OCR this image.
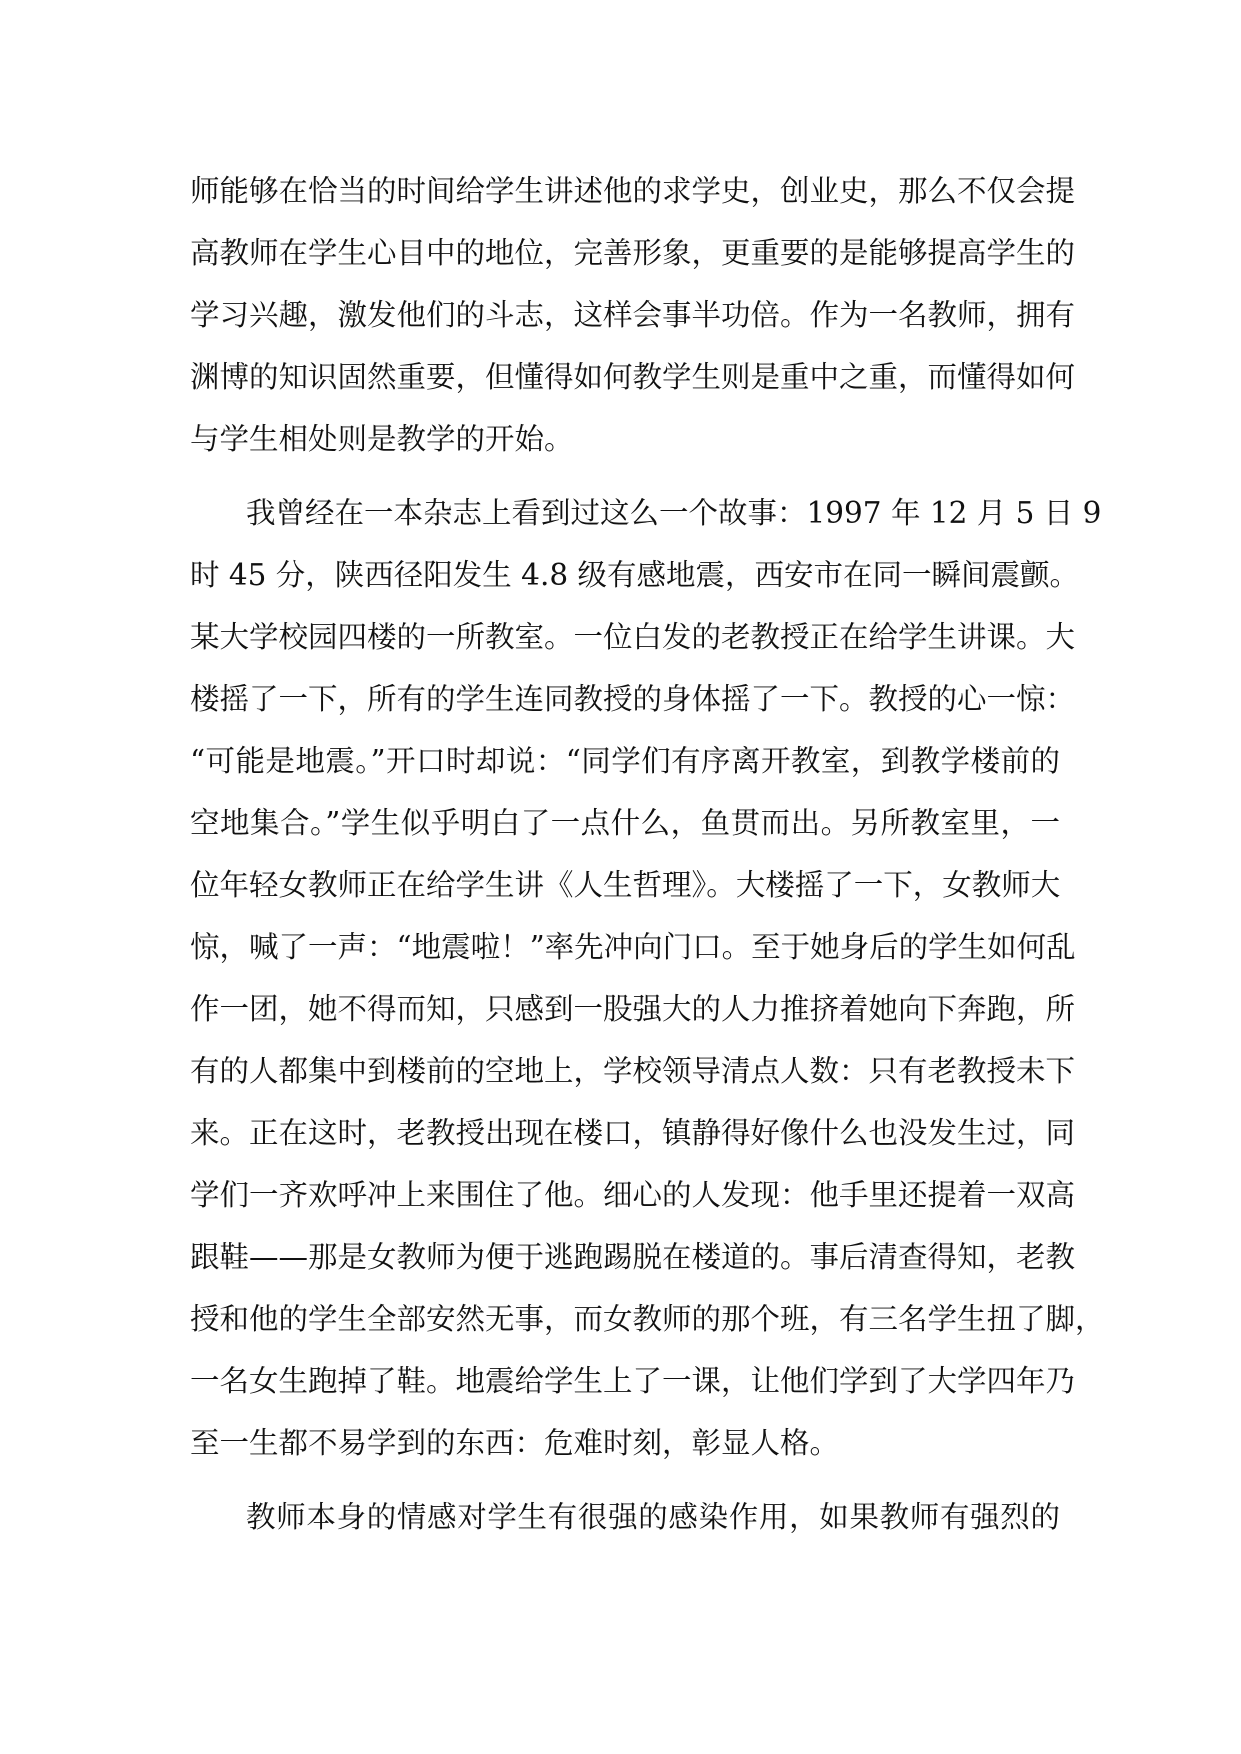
师能够在恰当的时间给学生讲述他的求学史，创业史，那么不仅会提
高教师在学生心目中的地位，完善形象，更重要的是能够提高学生的
学习兴趣，激发他们的斗志，这样会事半功倍。作为一名教师，拥有
渊博的知识固然重要，但懂得如何教学生则是重中之重，而懂得如何
与学生相处则是教学的开始。
我曾经在一本杂志上看到过这么一个故事：1997 年 12 月 5 日 9
时 45 分，陕西径阳发生 4.8 级有感地震，西安市在同一瞬间震颤。
某大学校园四楼的一所教室。一位白发的老教授正在给学生讲课。大
楼摇了一下，所有的学生连同教授的身体摇了一下。教授的心一惊：
“可能是地震。”开口时却说：“同学们有序离开教室，到教学楼前的
空地集合。”学生似乎明白了一点什么，鱼贯而出。另所教室里，一
位年轻女教师正在给学生讲《人生哲理》。大楼摇了一下，女教师大
惊，喊了一声：“地震啦！”率先冲向门口。至于她身后的学生如何乱
作一团，她不得而知，只感到一股强大的人力推挤着她向下奔跑，所
有的人都集中到楼前的空地上，学校领导清点人数：只有老教授未下
来。正在这时，老教授出现在楼口，镇静得好像什么也没发生过，同
学们一齐欢呼冲上来围住了他。细心的人发现：他手里还提着一双高
跟鞋——那是女教师为便于逃跑踢脱在楼道的。事后清查得知，老教
授和他的学生全部安然无事，而女教师的那个班，有三名学生扭了脚，
一名女生跑掉了鞋。地震给学生上了一课，让他们学到了大学四年乃
至一生都不易学到的东西：危难时刻，彰显人格。
教师本身的情感对学生有很强的感染作用，如果教师有强烈的
